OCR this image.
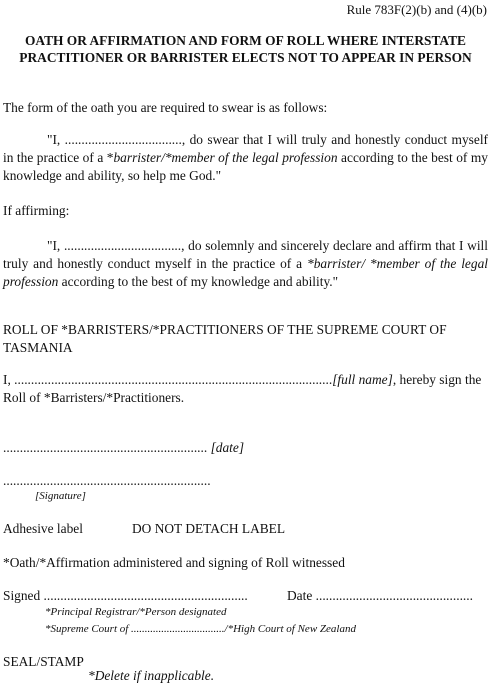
Rule 783F(2)(b) and (4)(b)
OATH OR AFFIRMATION AND FORM OF ROLL WHERE INTERSTATE PRACTITIONER OR BARRISTER ELECTS NOT TO APPEAR IN PERSON
The form of the oath you are required to swear is as follows:
"I, ..................................., do swear that I will truly and honestly conduct myself in the practice of a *barrister/*member of the legal profession according to the best of my knowledge and ability, so help me God."
If affirming:
"I, ..................................., do solemnly and sincerely declare and affirm that I will truly and honestly conduct myself in the practice of a *barrister/ *member of the legal profession according to the best of my knowledge and ability."
ROLL OF *BARRISTERS/*PRACTITIONERS OF THE SUPREME COURT OF TASMANIA
I, ...............................................................................................[full name], hereby sign the Roll of *Barristers/*Practitioners.
............................................................. [date]
..............................................................
[Signature]
Adhesive label	DO NOT DETACH LABEL
*Oath/*Affirmation administered and signing of Roll witnessed
Signed .............................................................	Date ...............................................
*Principal Registrar/*Person designated
*Supreme Court of ................................../*High Court of New Zealand
SEAL/STAMP
*Delete if inapplicable.
